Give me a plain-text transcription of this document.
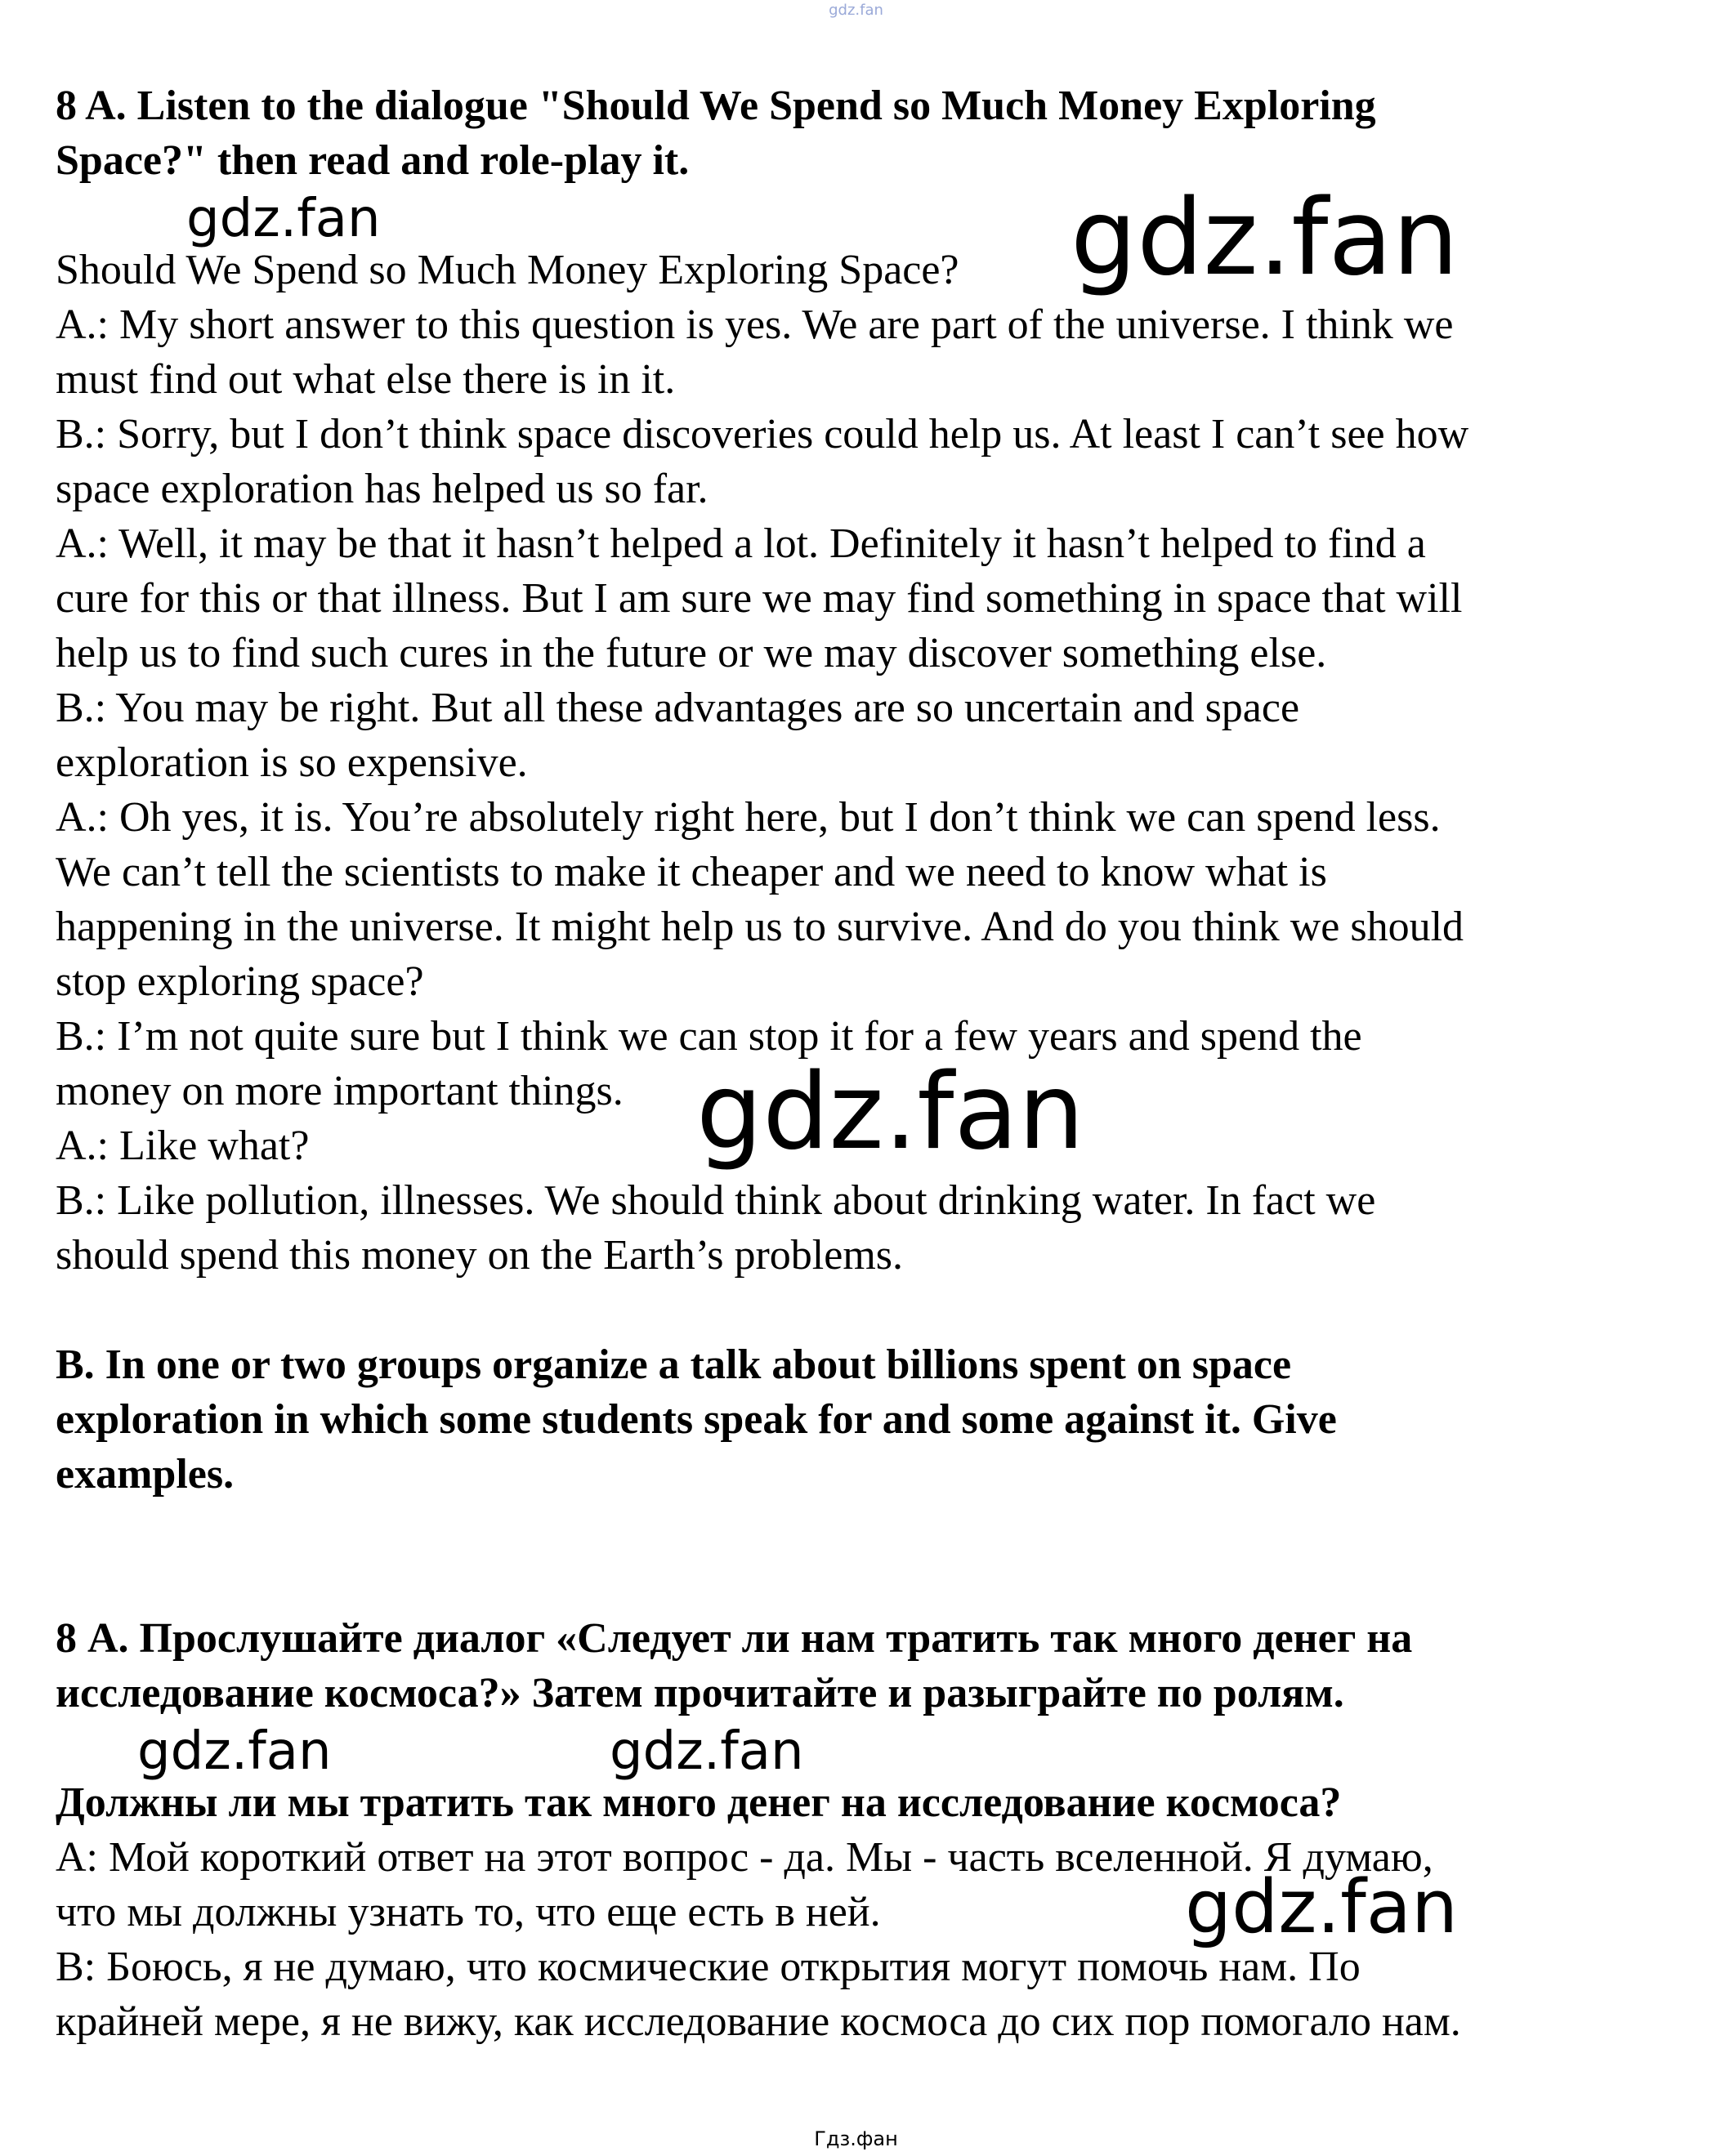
gdz.fan

8 A. Listen to the dialogue "Should We Spend so Much Money Exploring

Space?" then read and role-play it.

Should We Spend so Much Money Exploring Space?

A.: My short answer to this question is yes. We are part of the universe. I think we

must find out what else there is in it.

B.: Sorry, but I don’t think space discoveries could help us. At least I can’t see how

space exploration has helped us so far.

A.: Well, it may be that it hasn’t helped a lot. Definitely it hasn’t helped to find a

cure for this or that illness. But I am sure we may find something in space that will

help us to find such cures in the future or we may discover something else.

B.: You may be right. But all these advantages are so uncertain and space

exploration is so expensive.

A.: Oh yes, it is. You’re absolutely right here, but I don’t think we can spend less.

We can’t tell the scientists to make it cheaper and we need to know what is

happening in the universe. It might help us to survive. And do you think we should

stop exploring space?

B.: I’m not quite sure but I think we can stop it for a few years and spend the

money on more important things.

A.: Like what?

B.: Like pollution, illnesses. We should think about drinking water. In fact we

should spend this money on the Earth’s problems.

B. In one or two groups organize a talk about billions spent on space

exploration in which some students speak for and some against it. Give

examples.

8 А. Прослушайте диалог «Следует ли нам тратить так много денег на

исследование космоса?» Затем прочитайте и разыграйте по ролям.

Должны ли мы тратить так много денег на исследование космоса?

А: Мой короткий ответ на этот вопрос - да. Мы - часть вселенной. Я думаю,

что мы должны узнать то, что еще есть в ней.

В: Боюсь, я не думаю, что космические открытия могут помочь нам. По

крайней мере, я не вижу, как исследование космоса до сих пор помогало нам.

gdz.fan	gdz.fan
gdz.fan
gdz.fan	gdz.fan
gdz.fan
Гдз.фан
